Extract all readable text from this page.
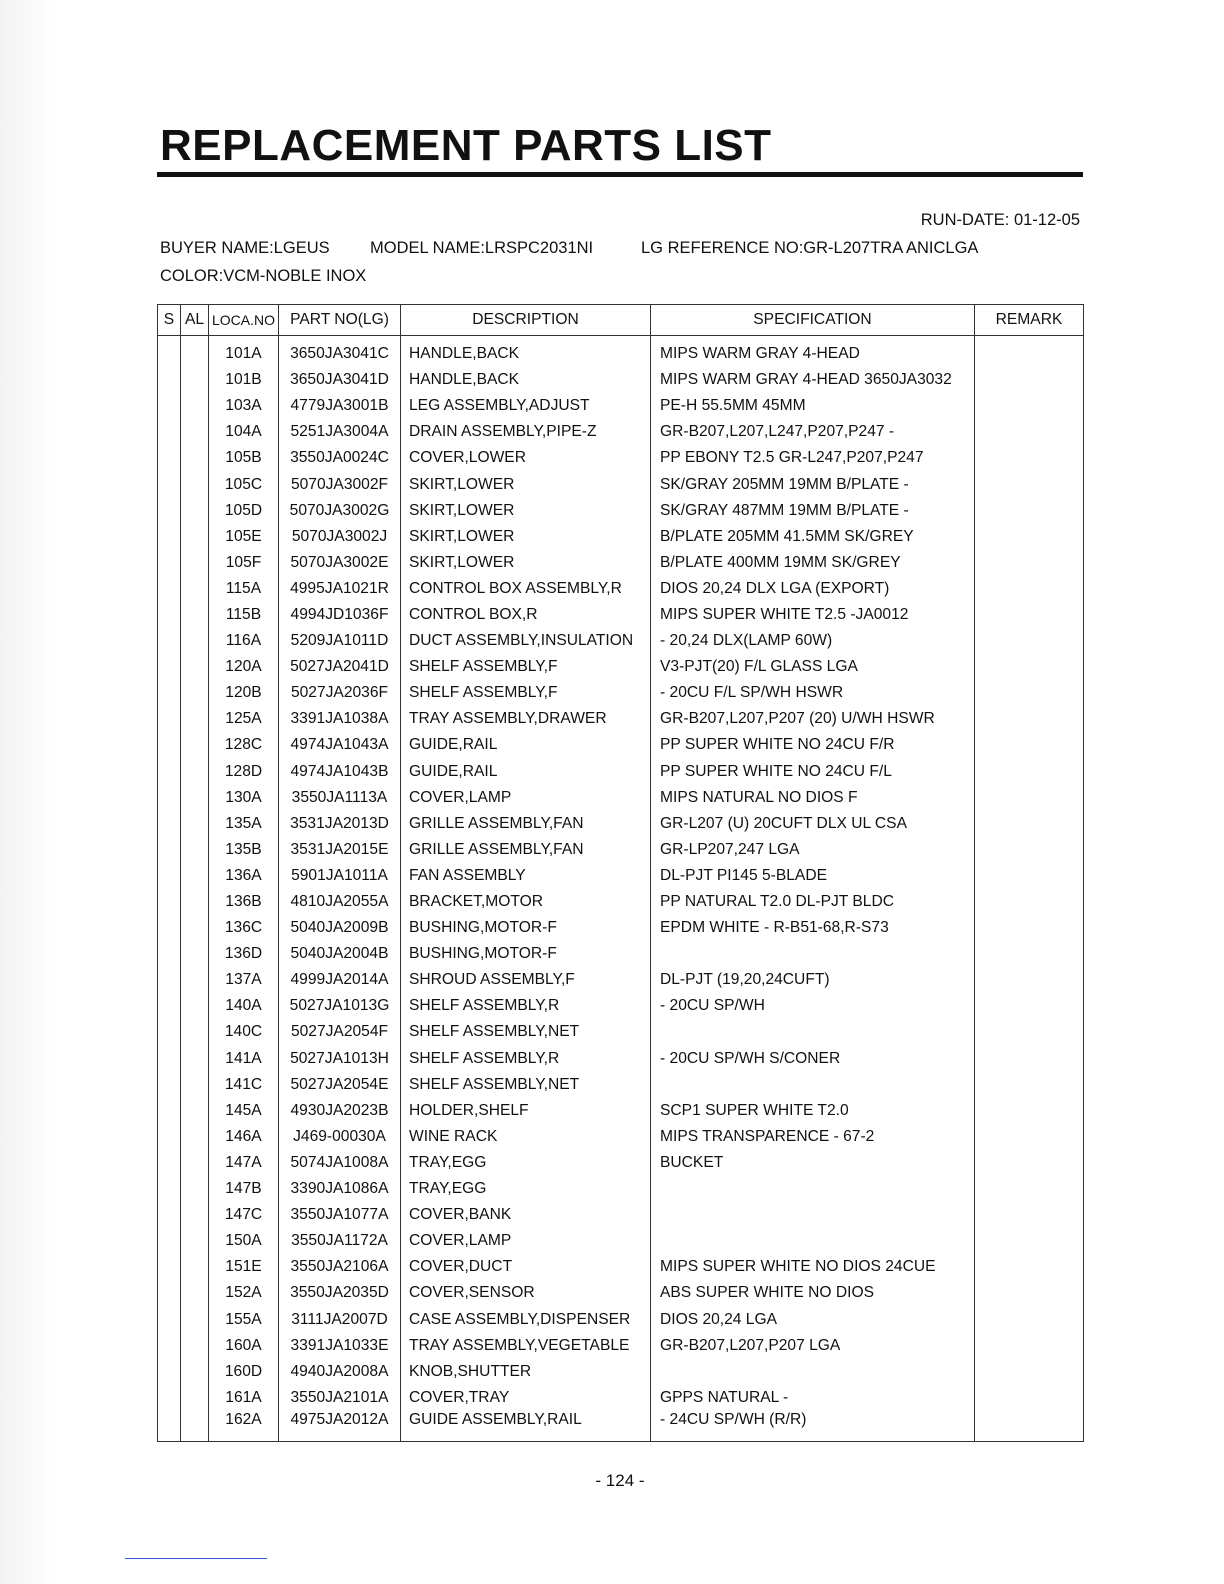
REPLACEMENT PARTS LIST
RUN-DATE: 01-12-05
BUYER NAME:LGEUS MODEL NAME:LRSPC2031NI	LG REFERENCE NO:GR-L207TRA ANICLGA
COLOR:VCM-NOBLE INOX
S	AL	LOCA.NO	PART NO(LG)	DESCRIPTION	SPECIFICATION	REMARK

		101A	3650JA3041C	HANDLE,BACK	MIPS WARM GRAY 4-HEAD	
		101B	3650JA3041D	HANDLE,BACK	MIPS WARM GRAY 4-HEAD 3650JA3032	
		103A	4779JA3001B	LEG ASSEMBLY,ADJUST	PE-H 55.5MM 45MM	
		104A	5251JA3004A	DRAIN ASSEMBLY,PIPE-Z	GR-B207,L207,L247,P207,P247 -	
		105B	3550JA0024C	COVER,LOWER	PP EBONY T2.5 GR-L247,P207,P247	
		105C	5070JA3002F	SKIRT,LOWER	SK/GRAY 205MM 19MM B/PLATE -	
		105D	5070JA3002G	SKIRT,LOWER	SK/GRAY 487MM 19MM B/PLATE -	
		105E	5070JA3002J	SKIRT,LOWER	B/PLATE 205MM 41.5MM SK/GREY	
		105F	5070JA3002E	SKIRT,LOWER	B/PLATE 400MM 19MM SK/GREY	
		115A	4995JA1021R	CONTROL BOX ASSEMBLY,R	DIOS 20,24 DLX LGA (EXPORT)	
		115B	4994JD1036F	CONTROL BOX,R	MIPS SUPER WHITE T2.5 -JA0012	
		116A	5209JA1011D	DUCT ASSEMBLY,INSULATION	- 20,24 DLX(LAMP 60W)	
		120A	5027JA2041D	SHELF ASSEMBLY,F	V3-PJT(20) F/L GLASS LGA	
		120B	5027JA2036F	SHELF ASSEMBLY,F	- 20CU F/L SP/WH HSWR	
		125A	3391JA1038A	TRAY ASSEMBLY,DRAWER	GR-B207,L207,P207 (20) U/WH HSWR	
		128C	4974JA1043A	GUIDE,RAIL	PP SUPER WHITE NO 24CU F/R	
		128D	4974JA1043B	GUIDE,RAIL	PP SUPER WHITE NO 24CU F/L	
		130A	3550JA1113A	COVER,LAMP	MIPS NATURAL NO DIOS F	
		135A	3531JA2013D	GRILLE ASSEMBLY,FAN	GR-L207 (U) 20CUFT DLX UL CSA	
		135B	3531JA2015E	GRILLE ASSEMBLY,FAN	GR-LP207,247 LGA	
		136A	5901JA1011A	FAN ASSEMBLY	DL-PJT PI145 5-BLADE	
		136B	4810JA2055A	BRACKET,MOTOR	PP NATURAL T2.0 DL-PJT BLDC	
		136C	5040JA2009B	BUSHING,MOTOR-F	EPDM WHITE - R-B51-68,R-S73	
		136D	5040JA2004B	BUSHING,MOTOR-F		
		137A	4999JA2014A	SHROUD ASSEMBLY,F	DL-PJT (19,20,24CUFT)	
		140A	5027JA1013G	SHELF ASSEMBLY,R	- 20CU SP/WH	
		140C	5027JA2054F	SHELF ASSEMBLY,NET		
		141A	5027JA1013H	SHELF ASSEMBLY,R	- 20CU SP/WH S/CONER	
		141C	5027JA2054E	SHELF ASSEMBLY,NET		
		145A	4930JA2023B	HOLDER,SHELF	SCP1 SUPER WHITE T2.0	
		146A	J469-00030A	WINE RACK	MIPS TRANSPARENCE - 67-2	
		147A	5074JA1008A	TRAY,EGG	BUCKET	
		147B	3390JA1086A	TRAY,EGG		
		147C	3550JA1077A	COVER,BANK		
		150A	3550JA1172A	COVER,LAMP		
		151E	3550JA2106A	COVER,DUCT	MIPS SUPER WHITE NO DIOS 24CUE	
		152A	3550JA2035D	COVER,SENSOR	ABS SUPER WHITE NO DIOS	
		155A	3111JA2007D	CASE ASSEMBLY,DISPENSER	DIOS 20,24 LGA	
		160A	3391JA1033E	TRAY ASSEMBLY,VEGETABLE	GR-B207,L207,P207 LGA	
		160D	4940JA2008A	KNOB,SHUTTER		
		161A	3550JA2101A	COVER,TRAY	GPPS NATURAL -	
		162A	4975JA2012A	GUIDE ASSEMBLY,RAIL	- 24CU SP/WH (R/R)	
- 124 -
